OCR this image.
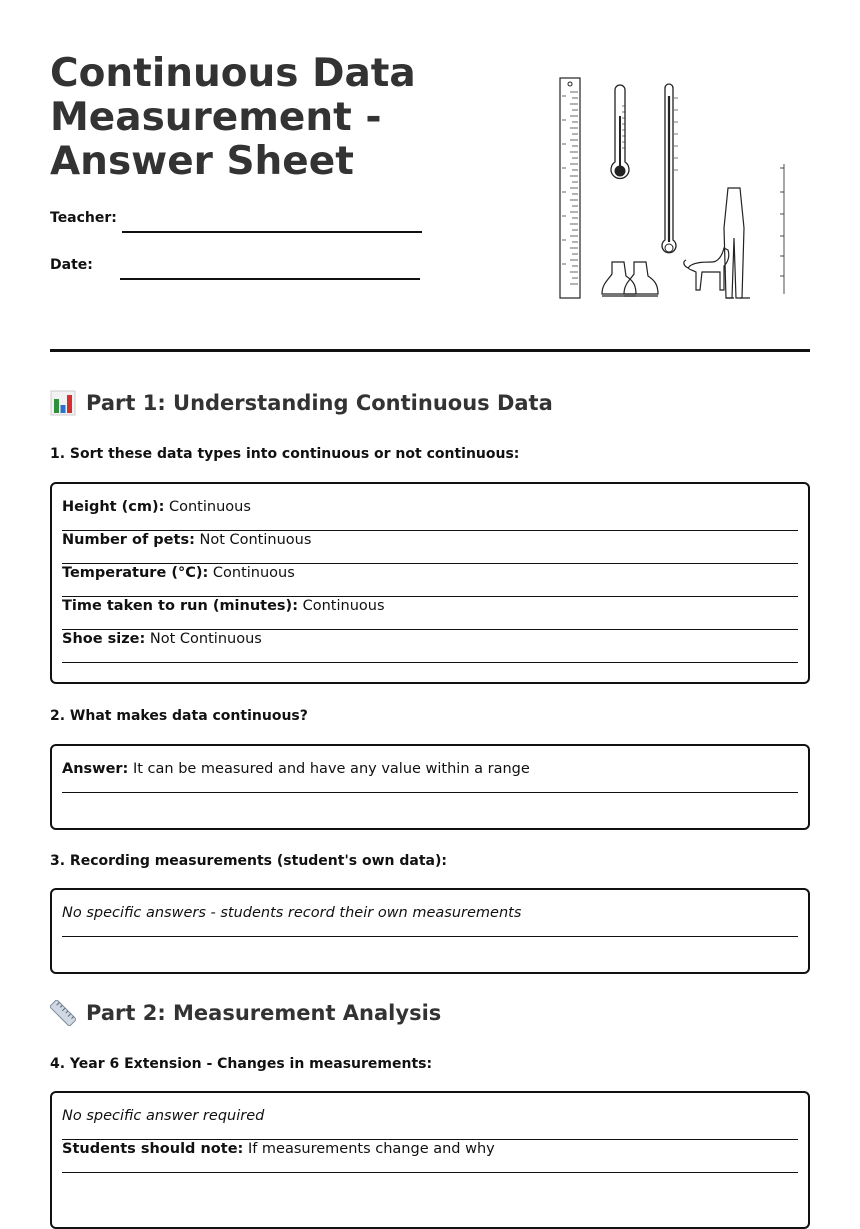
Continuous Data Measurement - Answer Sheet
Teacher:
Date:
Part 1: Understanding Continuous Data

1. Sort these data types into continuous or not continuous:

Height (cm): Continuous
Number of pets: Not Continuous
Temperature (°C): Continuous
Time taken to run (minutes): Continuous
Shoe size: Not Continuous

2. What makes data continuous?

Answer: It can be measured and have any value within a range

3. Recording measurements (student's own data):

No specific answers - students record their own measurements
Part 2: Measurement Analysis

4. Year 6 Extension - Changes in measurements:

No specific answer required
Students should note: If measurements change and why
